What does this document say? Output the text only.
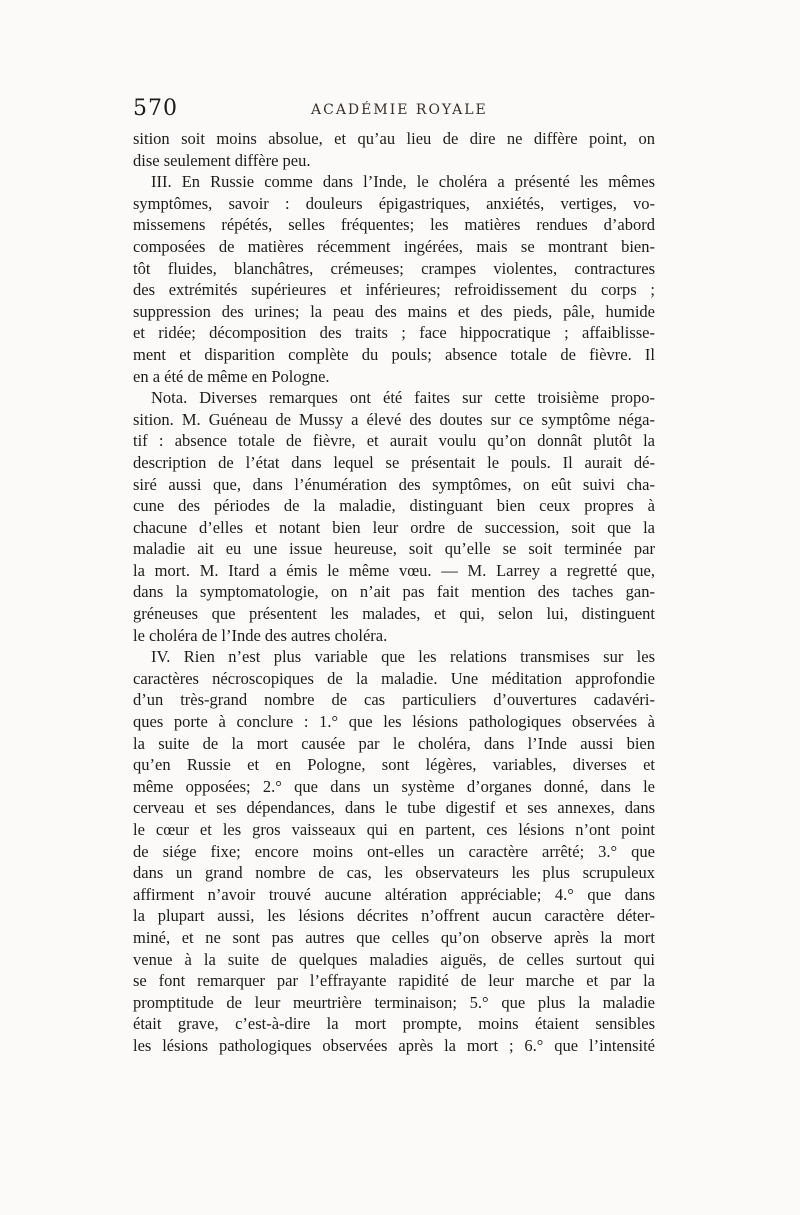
570	ACADÉMIE ROYALE
sition soit moins absolue, et qu’au lieu de dire ne diffère point, on
dise seulement diffère peu.
III. En Russie comme dans l’Inde, le choléra a présenté les mêmes
symptômes, savoir : douleurs épigastriques, anxiétés, vertiges, vo-
missemens répétés, selles fréquentes; les matières rendues d’abord
composées de matières récemment ingérées, mais se montrant bien-
tôt fluides, blanchâtres, crémeuses; crampes violentes, contractures
des extrémités supérieures et inférieures; refroidissement du corps ;
suppression des urines; la peau des mains et des pieds, pâle, humide
et ridée; décomposition des traits ; face hippocratique ; affaiblisse-
ment et disparition complète du pouls; absence totale de fièvre. Il
en a été de même en Pologne.
Nota. Diverses remarques ont été faites sur cette troisième propo-
sition. M. Guéneau de Mussy a élevé des doutes sur ce symptôme néga-
tif : absence totale de fièvre, et aurait voulu qu’on donnât plutôt la
description de l’état dans lequel se présentait le pouls. Il aurait dé-
siré aussi que, dans l’énumération des symptômes, on eût suivi cha-
cune des périodes de la maladie, distinguant bien ceux propres à
chacune d’elles et notant bien leur ordre de succession, soit que la
maladie ait eu une issue heureuse, soit qu’elle se soit terminée par
la mort. M. Itard a émis le même vœu. — M. Larrey a regretté que,
dans la symptomatologie, on n’ait pas fait mention des taches gan-
gréneuses que présentent les malades, et qui, selon lui, distinguent
le choléra de l’Inde des autres choléra.
IV. Rien n’est plus variable que les relations transmises sur les
caractères nécroscopiques de la maladie. Une méditation approfondie
d’un très-grand nombre de cas particuliers d’ouvertures cadavéri-
ques porte à conclure : 1.° que les lésions pathologiques observées à
la suite de la mort causée par le choléra, dans l’Inde aussi bien
qu’en Russie et en Pologne, sont légères, variables, diverses et
même opposées; 2.° que dans un système d’organes donné, dans le
cerveau et ses dépendances, dans le tube digestif et ses annexes, dans
le cœur et les gros vaisseaux qui en partent, ces lésions n’ont point
de siége fixe; encore moins ont-elles un caractère arrêté; 3.° que
dans un grand nombre de cas, les observateurs les plus scrupuleux
affirment n’avoir trouvé aucune altération appréciable; 4.° que dans
la plupart aussi, les lésions décrites n’offrent aucun caractère déter-
miné, et ne sont pas autres que celles qu’on observe après la mort
venue à la suite de quelques maladies aiguës, de celles surtout qui
se font remarquer par l’effrayante rapidité de leur marche et par la
promptitude de leur meurtrière terminaison; 5.° que plus la maladie
était grave, c’est-à-dire la mort prompte, moins étaient sensibles
les lésions pathologiques observées après la mort ; 6.° que l’intensité
